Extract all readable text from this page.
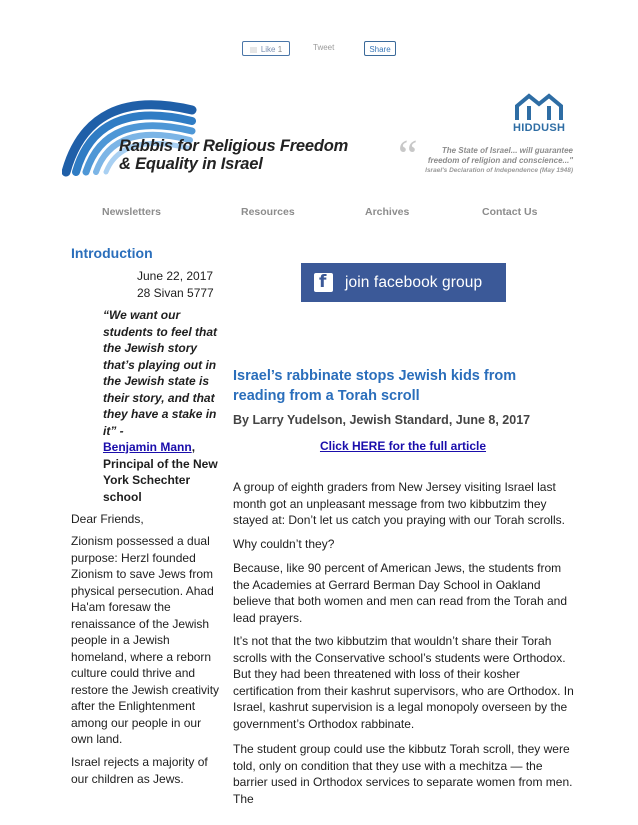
Like 1	Tweet	Share
Rabbis for Religious Freedom
& Equality in Israel
HIDDUSH
“	The State of Israel... will guarantee
freedom of religion and conscience..."
Israel's Declaration of Independence (May 1948)
Newsletters	Resources	Archives	Contact Us
Introduction
June 22, 2017
28 Sivan 5777
“We want our students to feel that the Jewish story that’s playing out in the Jewish state is their story, and that they have a stake in it” -
Benjamin Mann, Principal of the New York Schechter school

Dear Friends,

Zionism possessed a dual purpose: Herzl founded Zionism to save Jews from physical persecution. Ahad Ha'am foresaw the renaissance of the Jewish people in a Jewish homeland, where a reborn culture could thrive and restore the Jewish creativity after the Enlightenment among our people in our own land.

Israel rejects a majority of our children as Jews.

f join facebook group
Israel’s rabbinate stops Jewish kids from reading from a Torah scroll
By Larry Yudelson, Jewish Standard, June 8, 2017
Click HERE for the full article

A group of eighth graders from New Jersey visiting Israel last month got an unpleasant message from two kibbutzim they stayed at: Don’t let us catch you praying with our Torah scrolls.

Why couldn’t they?

Because, like 90 percent of American Jews, the students from the Academies at Gerrard Berman Day School in Oakland believe that both women and men can read from the Torah and lead prayers.

It’s not that the two kibbutzim that wouldn’t share their Torah scrolls with the Conservative school’s students were Orthodox. But they had been threatened with loss of their kosher certification from their kashrut supervisors, who are Orthodox. In Israel, kashrut supervision is a legal monopoly overseen by the government’s Orthodox rabbinate.

The student group could use the kibbutz Torah scroll, they were told, only on condition that they use with a mechitza — the barrier used in Orthodox services to separate women from men. The
